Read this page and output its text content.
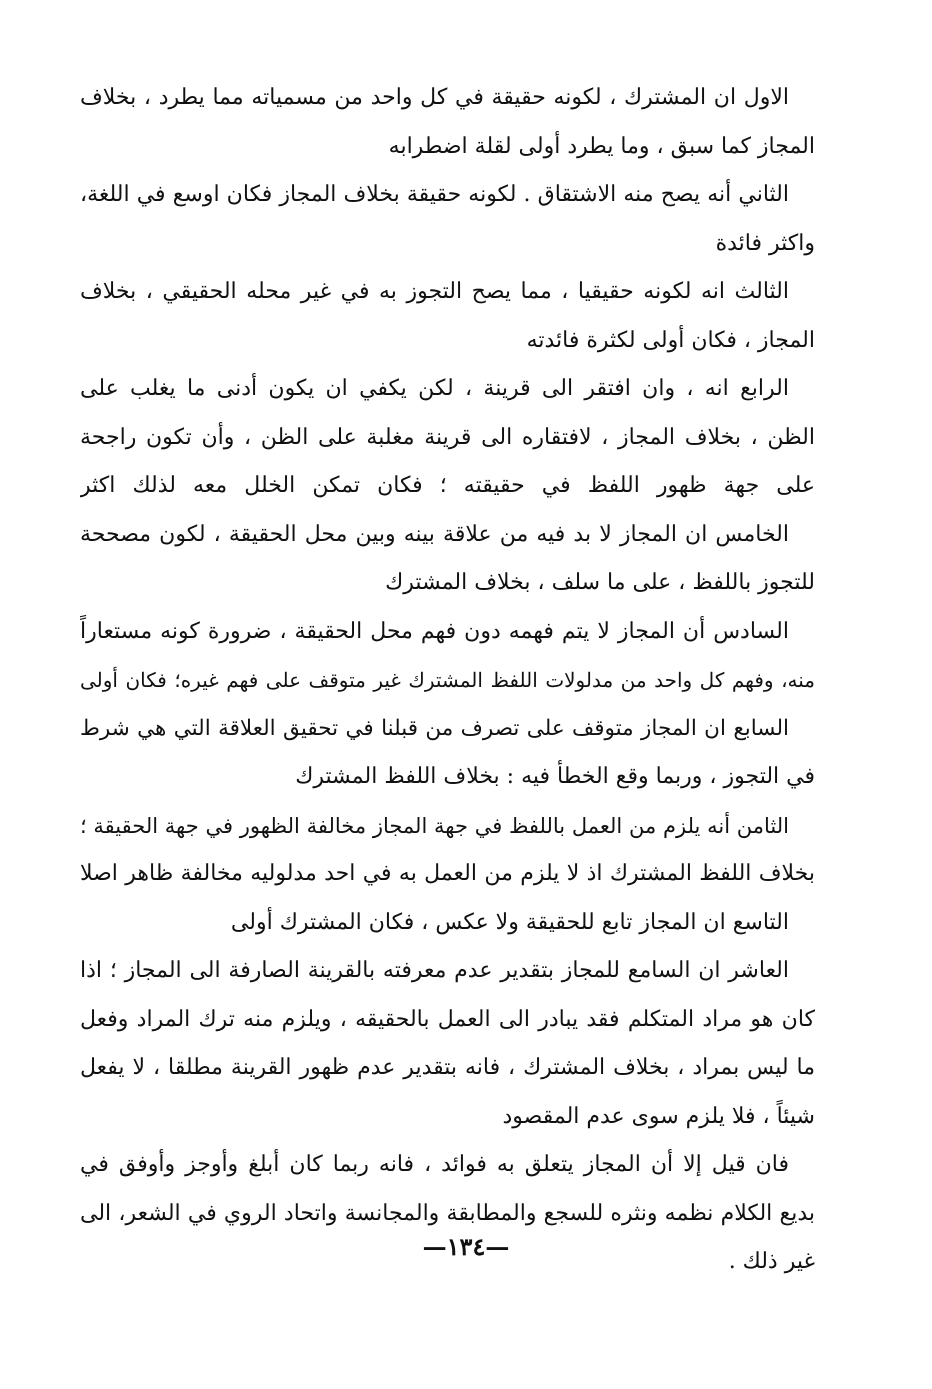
الاول ان المشترك ، لكونه حقيقة في كل واحد من مسمياته مما يطرد ، بخلاف
المجاز كما سبق ، وما يطرد أولى لقلة اضطرابه
الثاني أنه يصح منه الاشتقاق . لكونه حقيقة بخلاف المجاز فكان اوسع في اللغة،
واكثر فائدة
الثالث انه لكونه حقيقيا ، مما يصح التجوز به في غير محله الحقيقي ، بخلاف
المجاز ، فكان أولى لكثرة فائدته
الرابع انه ، وان افتقر الى قرينة ، لكن يكفي ان يكون أدنى ما يغلب على
الظن ، بخلاف المجاز ، لافتقاره الى قرينة مغلبة على الظن ، وأن تكون راجحة
على جهة ظهور اللفظ في حقيقته ؛ فكان تمكن الخلل معه لذلك اكثر
الخامس ان المجاز لا بد فيه من علاقة بينه وبين محل الحقيقة ، لكون مصححة
للتجوز باللفظ ، على ما سلف ، بخلاف المشترك
السادس أن المجاز لا يتم فهمه دون فهم محل الحقيقة ، ضرورة كونه مستعاراً
منه، وفهم كل واحد من مدلولات اللفظ المشترك غير متوقف على فهم غيره؛ فكان أولى
السابع ان المجاز متوقف على تصرف من قبلنا في تحقيق العلاقة التي هي شرط
في التجوز ، وربما وقع الخطأ فيه : بخلاف اللفظ المشترك
الثامن أنه يلزم من العمل باللفظ في جهة المجاز مخالفة الظهور في جهة الحقيقة ؛
بخلاف اللفظ المشترك اذ لا يلزم من العمل به في احد مدلوليه مخالفة ظاهر اصلا
التاسع ان المجاز تابع للحقيقة ولا عكس ، فكان المشترك أولى
العاشر ان السامع للمجاز بتقدير عدم معرفته بالقرينة الصارفة الى المجاز ؛ اذا
كان هو مراد المتكلم فقد يبادر الى العمل بالحقيقه ، ويلزم منه ترك المراد وفعل
ما ليس بمراد ، بخلاف المشترك ، فانه بتقدير عدم ظهور القرينة مطلقا ، لا يفعل
شيئاً ، فلا يلزم سوى عدم المقصود
فان قيل إلا أن المجاز يتعلق به فوائد ، فانه ربما كان أبلغ وأوجز وأوفق في
بديع الكلام نظمه ونثره للسجع والمطابقة والمجانسة واتحاد الروي في الشعر، الى
غير ذلك .
—١٣٤—
